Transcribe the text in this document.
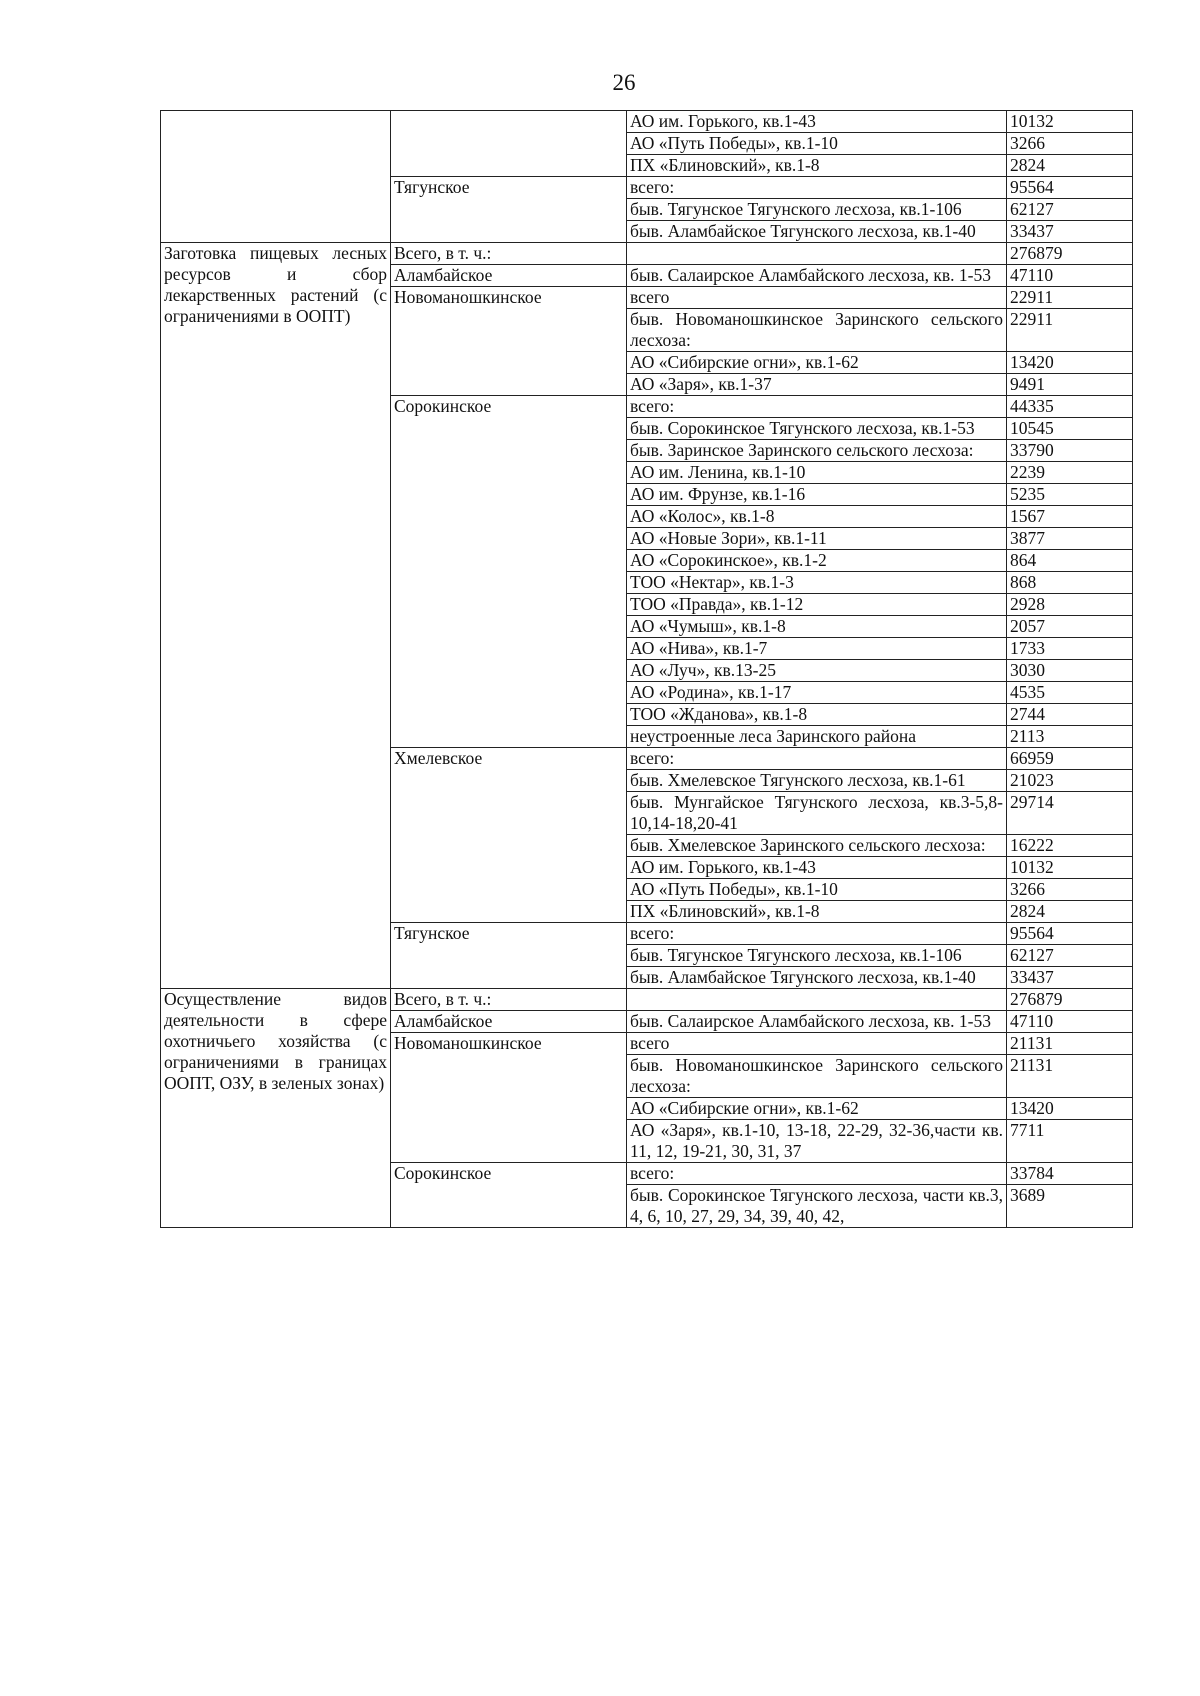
26
		АО им. Горького, кв.1-43	10132
		АО «Путь Победы», кв.1-10	3266
		ПХ «Блиновский», кв.1-8	2824
	Тягунское	всего:	95564
		быв. Тягунское Тягунского лесхоза, кв.1-106	62127
		быв. Аламбайское Тягунского лесхоза, кв.1-40	33437
Заготовка пищевых лесных ресурсов и сбор лекарственных растений (с ограничениями в ООПТ)	Всего, в т. ч.:		276879
	Аламбайское	быв. Салаирское Аламбайского лесхоза, кв. 1-53	47110
	Новоманошкинское	всего	22911
		быв. Новоманошкинское Заринского сельского лесхоза:	22911
		АО «Сибирские огни», кв.1-62	13420
		АО «Заря», кв.1-37	9491
	Сорокинское	всего:	44335
		быв. Сорокинское Тягунского лесхоза, кв.1-53	10545
		быв. Заринское Заринского сельского лесхоза:	33790
		АО им. Ленина, кв.1-10	2239
		АО им. Фрунзе, кв.1-16	5235
		АО «Колос», кв.1-8	1567
		АО «Новые Зори», кв.1-11	3877
		АО «Сорокинское», кв.1-2	864
		ТОО «Нектар», кв.1-3	868
		ТОО «Правда», кв.1-12	2928
		АО «Чумыш», кв.1-8	2057
		АО «Нива», кв.1-7	1733
		АО «Луч», кв.13-25	3030
		АО «Родина», кв.1-17	4535
		ТОО «Жданова», кв.1-8	2744
		неустроенные леса Заринского района	2113
	Хмелевское	всего:	66959
		быв. Хмелевское Тягунского лесхоза, кв.1-61	21023
		быв. Мунгайское Тягунского лесхоза, кв.3-5,8-10,14-18,20-41	29714
		быв. Хмелевское Заринского сельского лесхоза:	16222
		АО им. Горького, кв.1-43	10132
		АО «Путь Победы», кв.1-10	3266
		ПХ «Блиновский», кв.1-8	2824
	Тягунское	всего:	95564
		быв. Тягунское Тягунского лесхоза, кв.1-106	62127
		быв. Аламбайское Тягунского лесхоза, кв.1-40	33437
Осуществление видов деятельности в сфере охотничьего хозяйства (с ограничениями в границах ООПТ, ОЗУ, в зеленых зонах)	Всего, в т. ч.:		276879
	Аламбайское	быв. Салаирское Аламбайского лесхоза, кв. 1-53	47110
	Новоманошкинское	всего	21131
		быв. Новоманошкинское Заринского сельского лесхоза:	21131
		АО «Сибирские огни», кв.1-62	13420
		АО «Заря», кв.1-10, 13-18, 22-29, 32-36,части кв. 11, 12, 19-21, 30, 31, 37	7711
	Сорокинское	всего:	33784
		быв. Сорокинское Тягунского лесхоза, части кв.3, 4, 6, 10, 27, 29, 34, 39, 40, 42,	3689
